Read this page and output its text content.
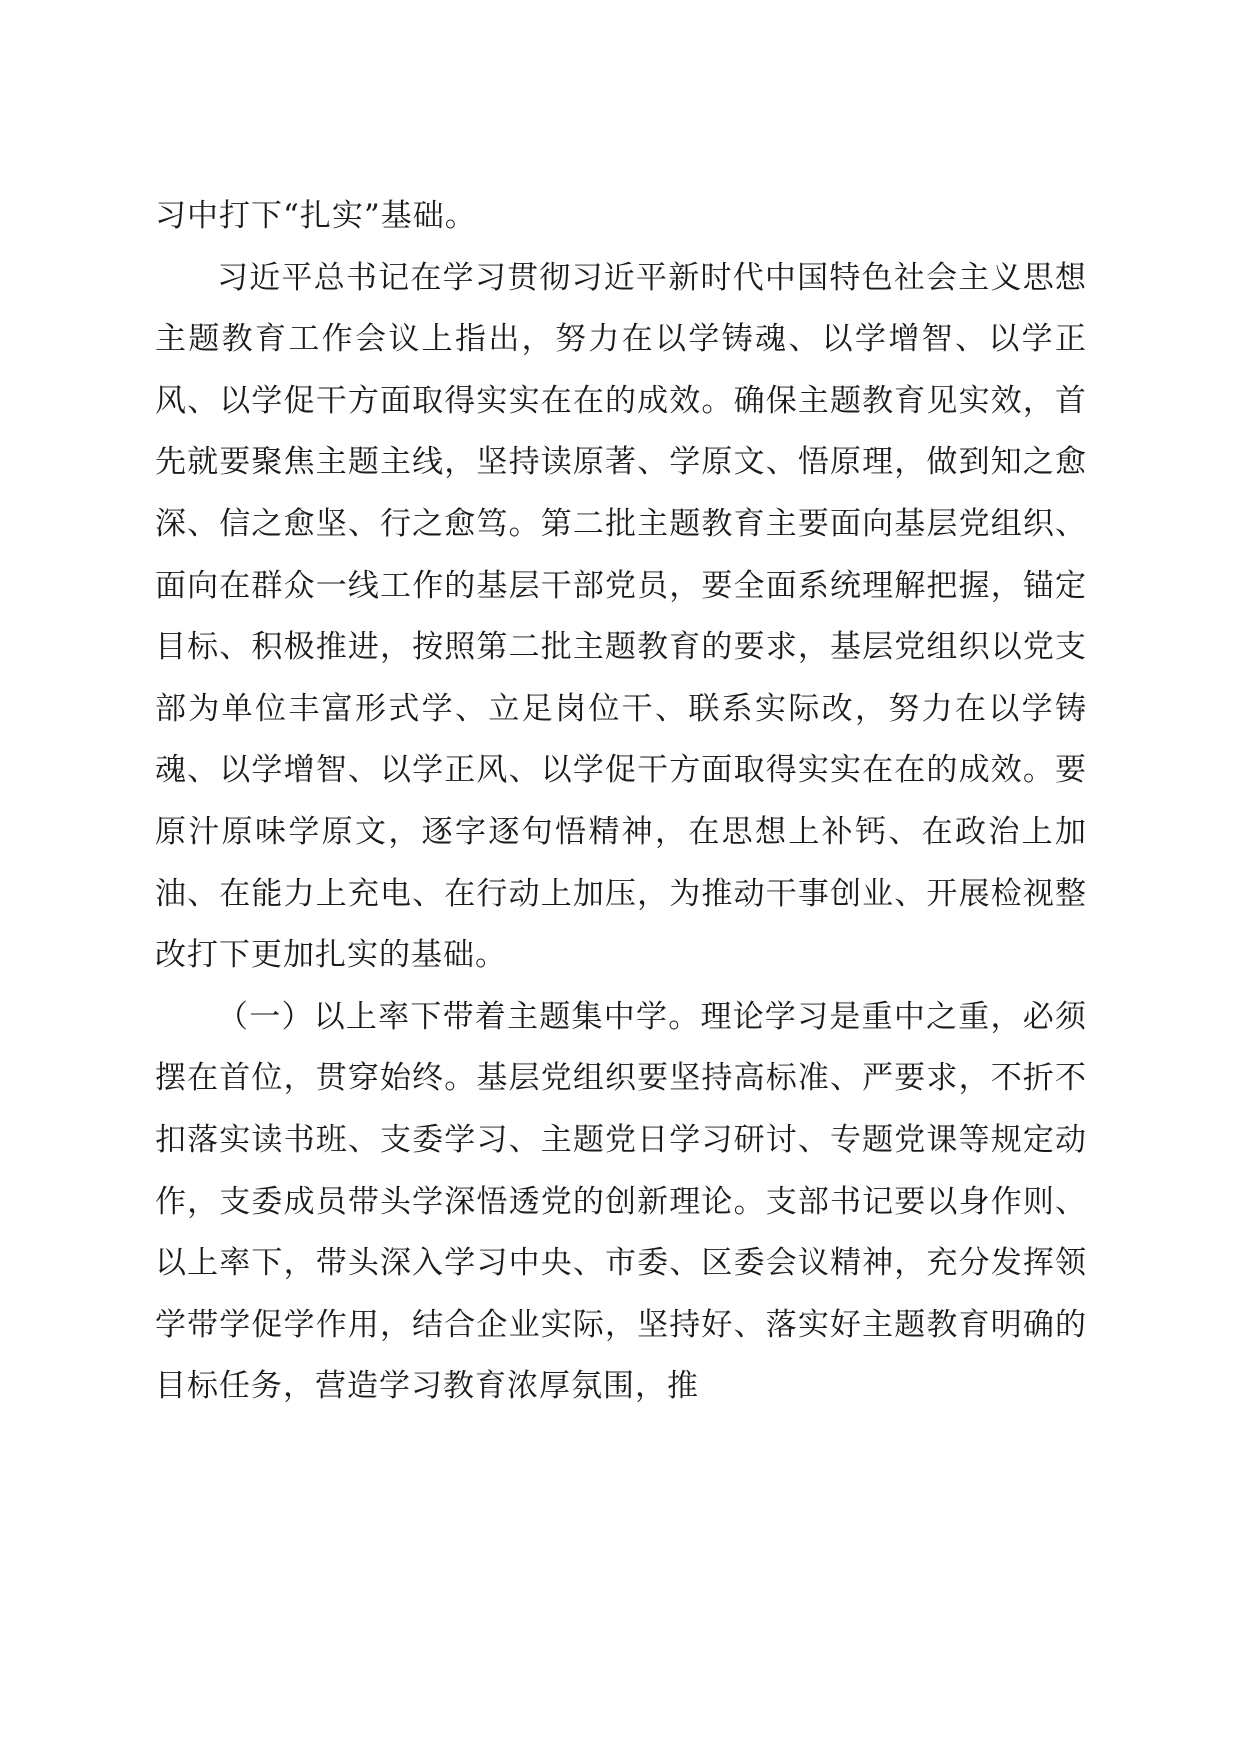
习中打下“扎实”基础。

习近平总书记在学习贯彻习近平新时代中国特色社会主义思想主题教育工作会议上指出，努力在以学铸魂、以学增智、以学正风、以学促干方面取得实实在在的成效。确保主题教育见实效，首先就要聚焦主题主线，坚持读原著、学原文、悟原理，做到知之愈深、信之愈坚、行之愈笃。第二批主题教育主要面向基层党组织、面向在群众一线工作的基层干部党员，要全面系统理解把握，锚定目标、积极推进，按照第二批主题教育的要求，基层党组织以党支部为单位丰富形式学、立足岗位干、联系实际改，努力在以学铸魂、以学增智、以学正风、以学促干方面取得实实在在的成效。要原汁原味学原文，逐字逐句悟精神，在思想上补钙、在政治上加油、在能力上充电、在行动上加压，为推动干事创业、开展检视整改打下更加扎实的基础。

（一）以上率下带着主题集中学。理论学习是重中之重，必须摆在首位，贯穿始终。基层党组织要坚持高标准、严要求，不折不扣落实读书班、支委学习、主题党日学习研讨、专题党课等规定动作，支委成员带头学深悟透党的创新理论。支部书记要以身作则、以上率下，带头深入学习中央、市委、区委会议精神，充分发挥领学带学促学作用，结合企业实际，坚持好、落实好主题教育明确的目标任务，营造学习教育浓厚氛围，推
